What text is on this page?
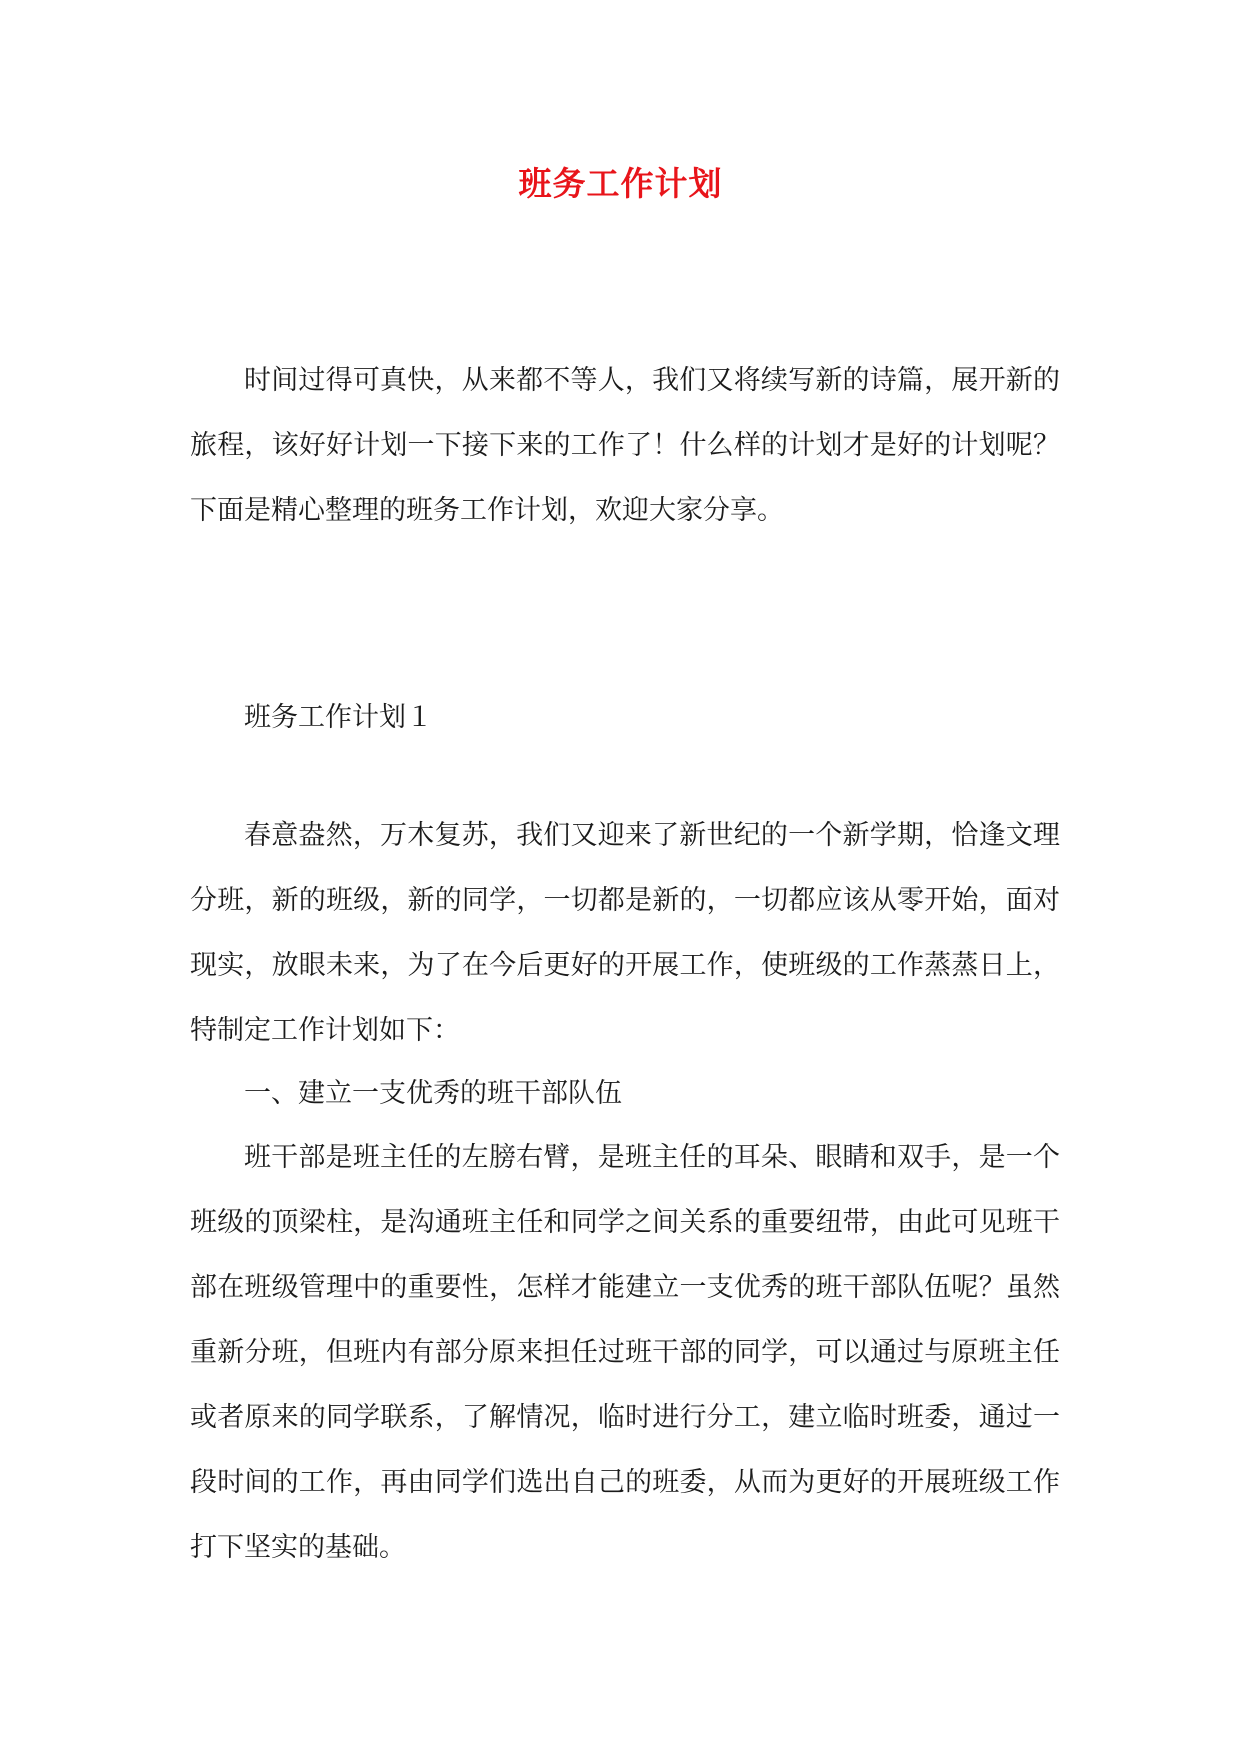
班务工作计划

时间过得可真快，从来都不等人，我们又将续写新的诗篇，展开新的旅程，该好好计划一下接下来的工作了！什么样的计划才是好的计划呢？下面是精心整理的班务工作计划，欢迎大家分享。

班务工作计划１

春意盎然，万木复苏，我们又迎来了新世纪的一个新学期，恰逢文理分班，新的班级，新的同学，一切都是新的，一切都应该从零开始，面对现实，放眼未来，为了在今后更好的开展工作，使班级的工作蒸蒸日上，特制定工作计划如下：

一、建立一支优秀的班干部队伍

班干部是班主任的左膀右臂，是班主任的耳朵、眼睛和双手，是一个班级的顶梁柱，是沟通班主任和同学之间关系的重要纽带，由此可见班干部在班级管理中的重要性，怎样才能建立一支优秀的班干部队伍呢？虽然重新分班，但班内有部分原来担任过班干部的同学，可以通过与原班主任或者原来的同学联系，了解情况，临时进行分工，建立临时班委，通过一段时间的工作，再由同学们选出自己的班委，从而为更好的开展班级工作打下坚实的基础。
